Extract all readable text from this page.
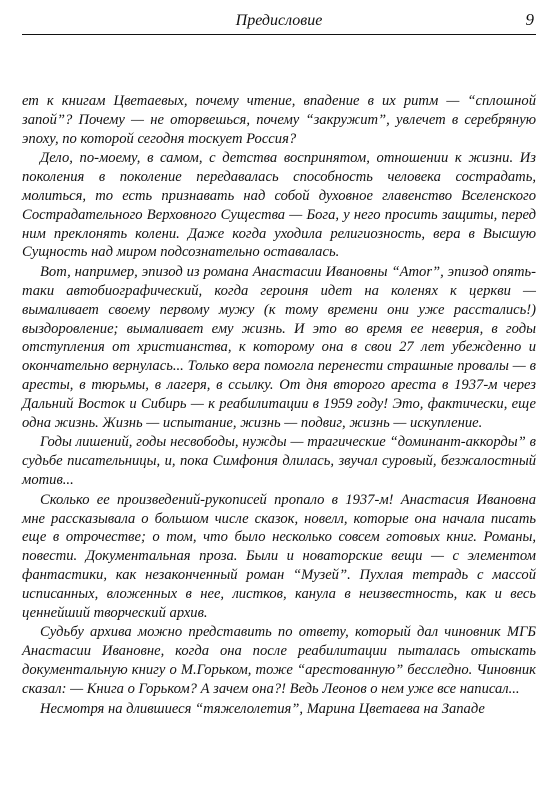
Предисловие	9

ет к книгам Цветаевых, почему чтение, впадение в их ритм — “сплошной запой”? Почему — не оторвешься, почему “закружит”, увлечет в серебряную эпоху, по которой сегодня тоскует Россия?

Дело, по-моему, в самом, с детства воспринятом, отношении к жизни. Из поколения в поколение передавалась способность человека сострадать, молиться, то есть признавать над собой духовное главенство Вселенского Сострадательного Верховного Существа — Бога, у него просить защиты, перед ним преклонять колени. Даже когда уходила религиозность, вера в Высшую Сущность над миром подсознательно оставалась.

Вот, например, эпизод из романа Анастасии Ивановны “Amor”, эпизод опять-таки автобиографический, когда героиня идет на коленях к церкви — вымаливает своему первому мужу (к тому времени они уже расстались!) выздоровление; вымаливает ему жизнь. И это во время ее неверия, в годы отступления от христианства, к которому она в свои 27 лет убежденно и окончательно вернулась... Только вера помогла перенести страшные провалы — в аресты, в тюрьмы, в лагеря, в ссылку. От дня второго ареста в 1937-м через Дальний Восток и Сибирь — к реабилитации в 1959 году! Это, фактически, еще одна жизнь. Жизнь — испытание, жизнь — подвиг, жизнь — искупление.

Годы лишений, годы несвободы, нужды — трагические “доминант-аккорды” в судьбе писательницы, и, пока Симфония длилась, звучал суровый, безжалостный мотив...

Сколько ее произведений-рукописей пропало в 1937-м! Анастасия Ивановна мне рассказывала о большом числе сказок, новелл, которые она начала писать еще в отрочестве; о том, что было несколько совсем готовых книг. Романы, повести. Документальная проза. Были и новаторские вещи — с элементом фантастики, как незаконченный роман “Музей”. Пухлая тетрадь с массой исписанных, вложенных в нее, листков, канула в неизвестность, как и весь ценнейший творческий архив.

Судьбу архива можно представить по ответу, который дал чиновник МГБ Анастасии Ивановне, когда она после реабилитации пыталась отыскать документальную книгу о М.Горьком, тоже “арестованную” бесследно. Чиновник сказал: — Книга о Горьком? А зачем она?! Ведь Леонов о нем уже все написал...

Несмотря на длившиеся “тяжелолетия”, Марина Цветаева на Западе
